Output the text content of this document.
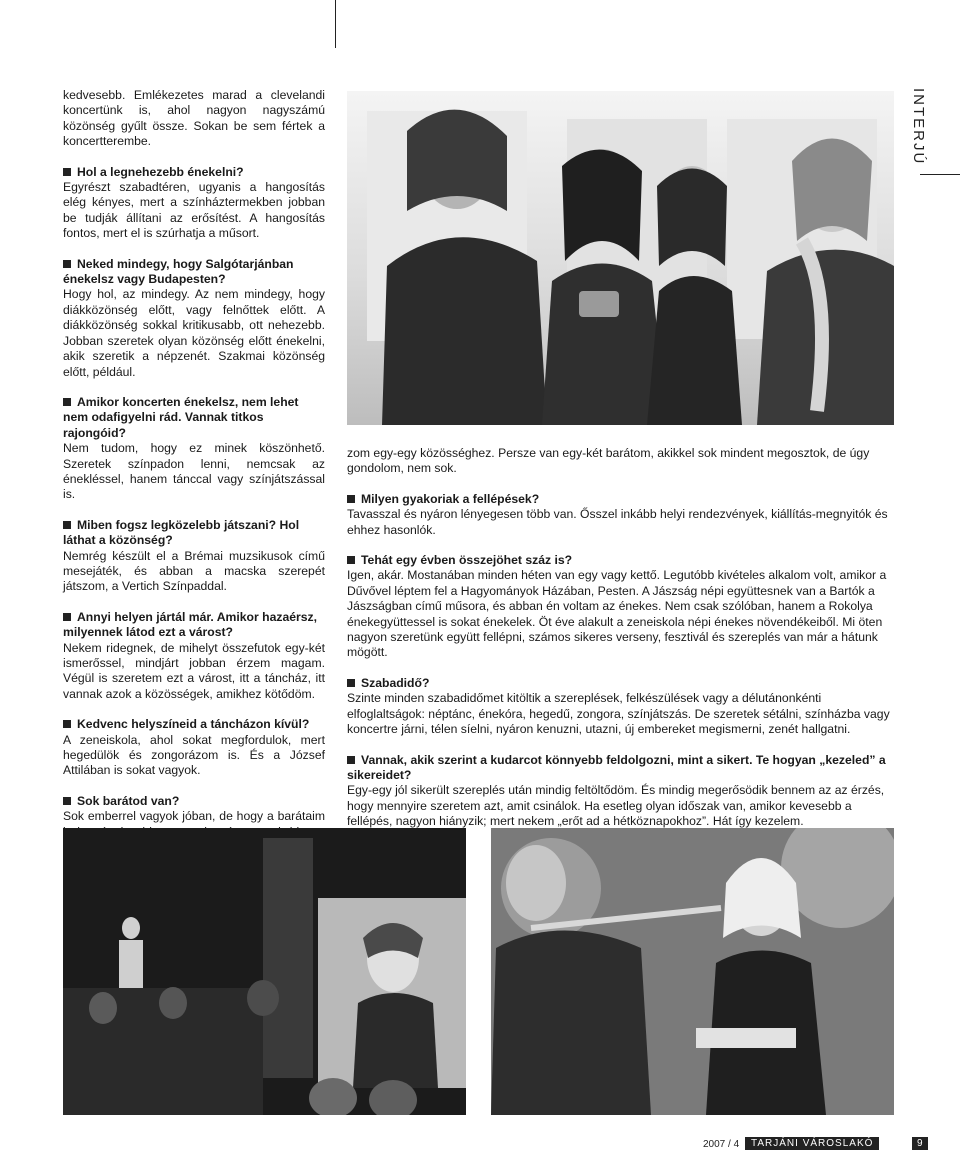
INTERJÚ

kedvesebb. Emlékezetes marad a clevelandi koncertünk is, ahol nagyon nagyszámú közönség gyűlt össze. Sokan be sem fértek a koncertterembe.

Hol a legnehezebb énekelni?

Egyrészt szabadtéren, ugyanis a hangosítás elég kényes, mert a színháztermekben jobban be tudják állítani az erősítést. A hangosítás fontos, mert el is szúrhatja a műsort.

Neked mindegy, hogy Salgótarjánban énekelsz vagy Budapesten?

Hogy hol, az mindegy. Az nem mindegy, hogy diákközönség előtt, vagy felnőttek előtt. A diákközönség sokkal kritikusabb, ott nehezebb. Jobban szeretek olyan közönség előtt énekelni, akik szeretik a népzenét. Szakmai közönség előtt, például.

Amikor koncerten énekelsz, nem lehet nem odafigyelni rád. Vannak titkos rajongóid?

Nem tudom, hogy ez minek köszönhető. Szeretek színpadon lenni, nemcsak az énekléssel, hanem tánccal vagy színjátszással is.

Miben fogsz legközelebb játszani? Hol láthat a közönség?

Nemrég készült el a Brémai muzsikusok című mesejáték, és abban a macska szerepét játszom, a Vertich Színpaddal.

Annyi helyen jártál már. Amikor hazaérsz, milyennek látod ezt a várost?

Nekem ridegnek, de mihelyt összefutok egy-két ismerőssel, mindjárt jobban érzem magam. Végül is szeretem ezt a várost, itt a táncház, itt vannak azok a közösségek, amikhez kötődöm.

Kedvenc helyszíneid a táncházon kívül?

A zeneiskola, ahol sokat megfordulok, mert hegedülök és zongorázom is. És a József Attilában is sokat vagyok.

Sok barátod van?

Sok emberrel vagyok jóban, de hogy a barátaim

zom egy-egy közösséghez. Persze van egy-két barátom, akikkel sok mindent megosztok, de úgy gondolom, nem sok.

Milyen gyakoriak a fellépések?

Tavasszal és nyáron lényegesen több van. Ősszel inkább helyi rendezvények, kiállítás-megnyitók és ehhez hasonlók.

Tehát egy évben összejöhet száz is?

Igen, akár. Mostanában minden héten van egy vagy kettő. Legutóbb kivételes alkalom volt, amikor a Dűvővel léptem fel a Hagyományok Házában, Pesten. A Jászság népi együttesnek van a Bartók a Jászságban című műsora, és abban én voltam az énekes. Nem csak szólóban, hanem a Rokolya énekegyüttessel is sokat énekelek. Öt éve alakult a zeneiskola népi énekes növendékeiből. Mi öten nagyon szeretünk együtt fellépni, számos sikeres verseny, fesztivál és szereplés van már a hátunk mögött.

Szabadidő?

Szinte minden szabadidőmet kitöltik a szereplések, felkészülések vagy a délutánonkénti elfoglaltságok: néptánc, énekóra, hegedű, zongora, színjátszás. De szeretek sétálni, színházba vagy koncertre járni, télen síelni, nyáron kenuzni, utazni, új embereket megismerni, zenét hallgatni.

Vannak, akik szerint a kudarcot könnyebb feldolgozni, mint a sikert. Te hogyan „kezeled” a sikereidet?

Egy-egy jól sikerült szereplés után mindig feltöltődöm. És mindig megerősödik bennem az az érzés, hogy mennyire szeretem azt, amit csinálok. Ha esetleg olyan időszak van, amikor kevesebb a fellépés, nagyon hiányzik; mert nekem „erőt ad a hétköznapokhoz”. Hát így kezelem.

2007 / 4	TARJÁNI VÁROSLAKÓ	9
